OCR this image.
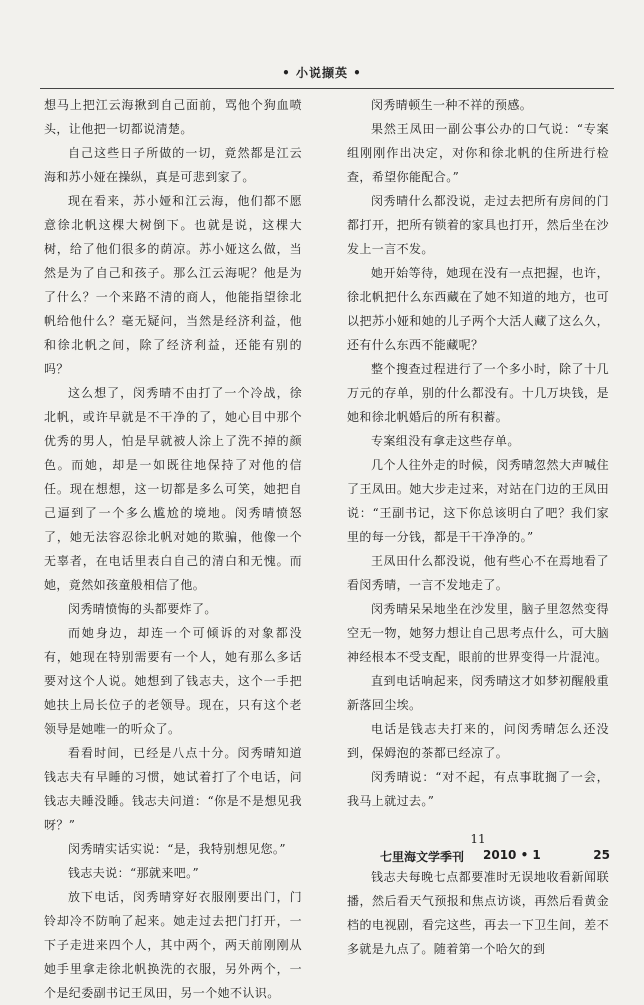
• 小说撷英 •

想马上把江云海揪到自己面前，骂他个狗血喷头，让他把一切都说清楚。

自己这些日子所做的一切，竟然都是江云海和苏小娅在操纵，真是可悲到家了。

现在看来，苏小娅和江云海，他们都不愿意徐北帆这棵大树倒下。也就是说，这棵大树，给了他们很多的荫凉。苏小娅这么做，当然是为了自己和孩子。那么江云海呢？他是为了什么？一个来路不清的商人，他能指望徐北帆给他什么？毫无疑问，当然是经济利益，他和徐北帆之间，除了经济利益，还能有别的吗？

这么想了，闵秀晴不由打了一个冷战，徐北帆，或许早就是不干净的了，她心目中那个优秀的男人，怕是早就被人涂上了洗不掉的颜色。而她，却是一如既往地保持了对他的信任。现在想想，这一切都是多么可笑，她把自己逼到了一个多么尴尬的境地。闵秀晴愤怒了，她无法容忍徐北帆对她的欺骗，他像一个无辜者，在电话里表白自己的清白和无愧。而她，竟然如孩童般相信了他。

闵秀晴愤悔的头都要炸了。

而她身边，却连一个可倾诉的对象都没有，她现在特别需要有一个人，她有那么多话要对这个人说。她想到了钱志夫，这个一手把她扶上局长位子的老领导。现在，只有这个老领导是她唯一的听众了。

看看时间，已经是八点十分。闵秀晴知道钱志夫有早睡的习惯，她试着打了个电话，问钱志夫睡没睡。钱志夫问道：“你是不是想见我呀？”

闵秀晴实话实说：“是，我特别想见您。”

钱志夫说：“那就来吧。”

放下电话，闵秀晴穿好衣服刚要出门，门铃却冷不防响了起来。她走过去把门打开，一下子走进来四个人，其中两个，两天前刚刚从她手里拿走徐北帆换洗的衣服，另外两个，一个是纪委副书记王凤田，另一个她不认识。

闵秀晴顿生一种不祥的预感。

果然王凤田一副公事公办的口气说：“专案组刚刚作出决定，对你和徐北帆的住所进行检查，希望你能配合。”

闵秀晴什么都没说，走过去把所有房间的门都打开，把所有锁着的家具也打开，然后坐在沙发上一言不发。

她开始等待，她现在没有一点把握，也许，徐北帆把什么东西藏在了她不知道的地方，也可以把苏小娅和她的儿子两个大活人藏了这么久，还有什么东西不能藏呢？

整个搜查过程进行了一个多小时，除了十几万元的存单，别的什么都没有。十几万块钱，是她和徐北帆婚后的所有积蓄。

专案组没有拿走这些存单。

几个人往外走的时候，闵秀晴忽然大声喊住了王凤田。她大步走过来，对站在门边的王凤田说：“王副书记，这下你总该明白了吧？我们家里的每一分钱，都是干干净净的。”

王凤田什么都没说，他有些心不在焉地看了看闵秀晴，一言不发地走了。

闵秀晴呆呆地坐在沙发里，脑子里忽然变得空无一物，她努力想让自己思考点什么，可大脑神经根本不受支配，眼前的世界变得一片混沌。

直到电话响起来，闵秀晴这才如梦初醒般重新落回尘埃。

电话是钱志夫打来的，问闵秀晴怎么还没到，保姆泡的茶都已经凉了。

闵秀晴说：“对不起，有点事耽搁了一会，我马上就过去。”

11

钱志夫每晚七点都要准时无误地收看新闻联播，然后看天气预报和焦点访谈，再然后看黄金档的电视剧，看完这些，再去一下卫生间，差不多就是九点了。随着第一个哈欠的到

七里海文学季刊 2010 • 1	25
